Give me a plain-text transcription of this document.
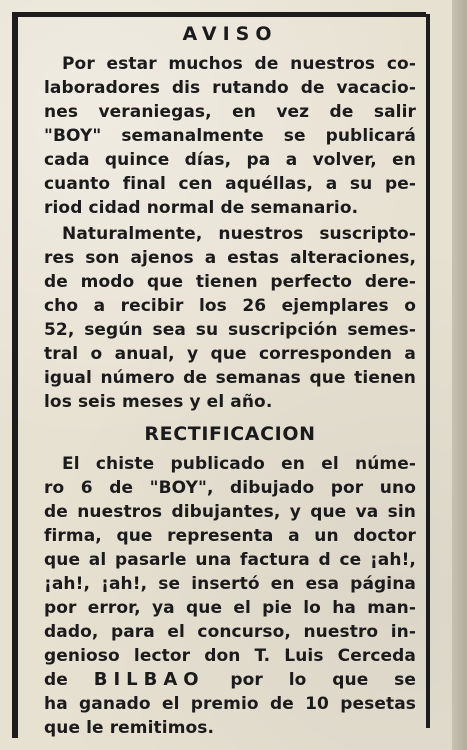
AVISO
Por estar muchos de nuestros co-
laboradores dis rutando de vacacio-
nes veraniegas, en vez de salir
"BOY" semanalmente se publicará
cada quince días, pa a volver, en
cuanto final cen aquéllas, a su pe-
riod cidad normal de semanario.
Naturalmente, nuestros suscripto-
res son ajenos a estas alteraciones,
de modo que tienen perfecto dere-
cho a recibir los 26 ejemplares o
52, según sea su suscripción semes-
tral o anual, y que corresponden a
igual número de semanas que tienen
los seis meses y el año.
RECTIFICACION
El chiste publicado en el núme-
ro 6 de "BOY", dibujado por uno
de nuestros dibujantes, y que va sin
firma, que representa a un doctor
que al pasarle una factura d ce ¡ah!,
¡ah!, ¡ah!, se insertó en esa página
por error, ya que el pie lo ha man-
dado, para el concurso, nuestro in-
genioso lector don T. Luis Cerceda
de BILBAO por lo que se
ha ganado el premio de 10 pesetas
que le remitimos.
